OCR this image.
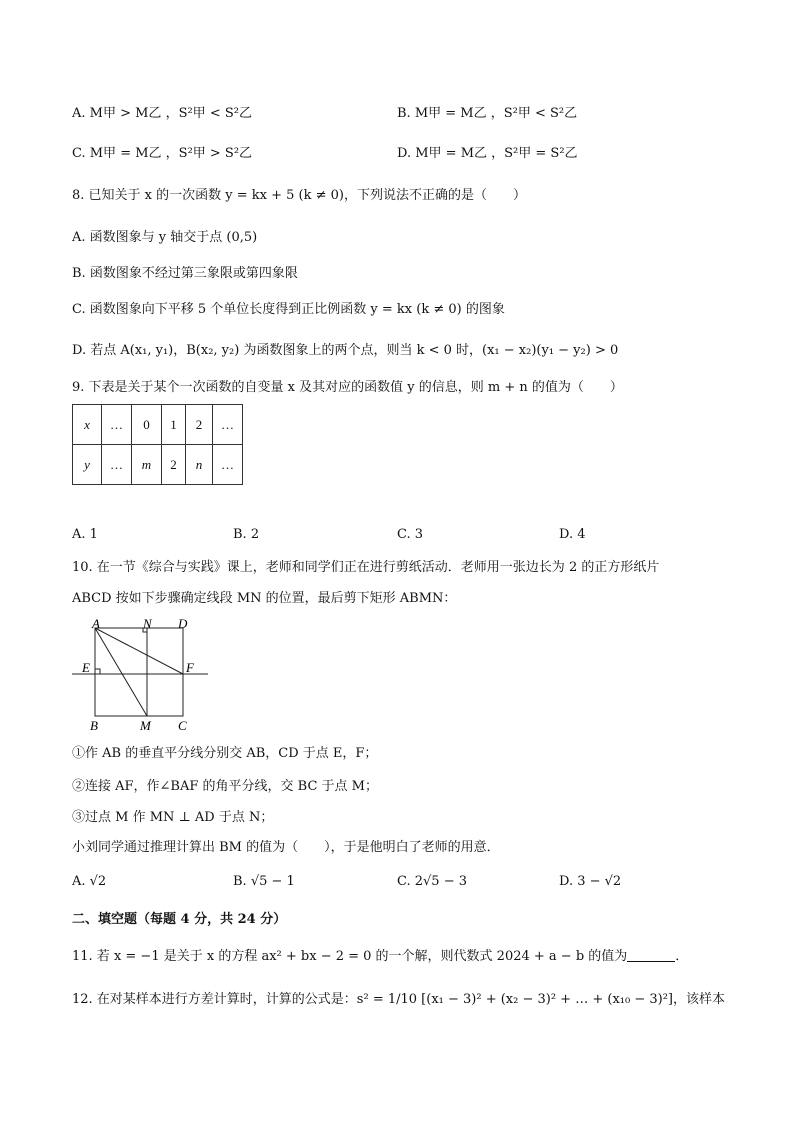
A. M甲 > M乙 ，S²甲 < S²乙	B. M甲 = M乙 ，S²甲 < S²乙
C. M甲 = M乙 ，S²甲 > S²乙	D. M甲 = M乙 ，S²甲 = S²乙
8. 已知关于 x 的一次函数 y = kx + 5 (k ≠ 0)，下列说法不正确的是（　　）
A. 函数图象与 y 轴交于点 (0,5)
B. 函数图象不经过第三象限或第四象限
C. 函数图象向下平移 5 个单位长度得到正比例函数 y = kx (k ≠ 0) 的图象
D. 若点 A(x₁, y₁)，B(x₂, y₂) 为函数图象上的两个点，则当 k < 0 时，(x₁ − x₂)(y₁ − y₂) > 0
9. 下表是关于某个一次函数的自变量 x 及其对应的函数值 y 的信息，则 m + n 的值为（　　）
x	…	0	1	2	…
y	…	m	2	n	…
A. 1	B. 2	C. 3	D. 4
10. 在一节《综合与实践》课上，老师和同学们正在进行剪纸活动．老师用一张边长为 2 的正方形纸片
ABCD 按如下步骤确定线段 MN 的位置，最后剪下矩形 ABMN：
A	N D
E	F
B	M C
①作 AB 的垂直平分线分别交 AB，CD 于点 E，F；
②连接 AF，作∠BAF 的角平分线，交 BC 于点 M；
③过点 M 作 MN ⊥ AD 于点 N；
小刘同学通过推理计算出 BM 的值为（　　），于是他明白了老师的用意．
A. √2	B. √5 − 1	C. 2√5 − 3	D. 3 − √2
二、填空题（每题 4 分，共 24 分）
11. 若 x = −1 是关于 x 的方程 ax² + bx − 2 = 0 的一个解，则代数式 2024 + a − b 的值为	．
12. 在对某样本进行方差计算时，计算的公式是：s² = 1/10 [(x₁ − 3)² + (x₂ − 3)² + … + (x₁₀ − 3)²]，该样本
